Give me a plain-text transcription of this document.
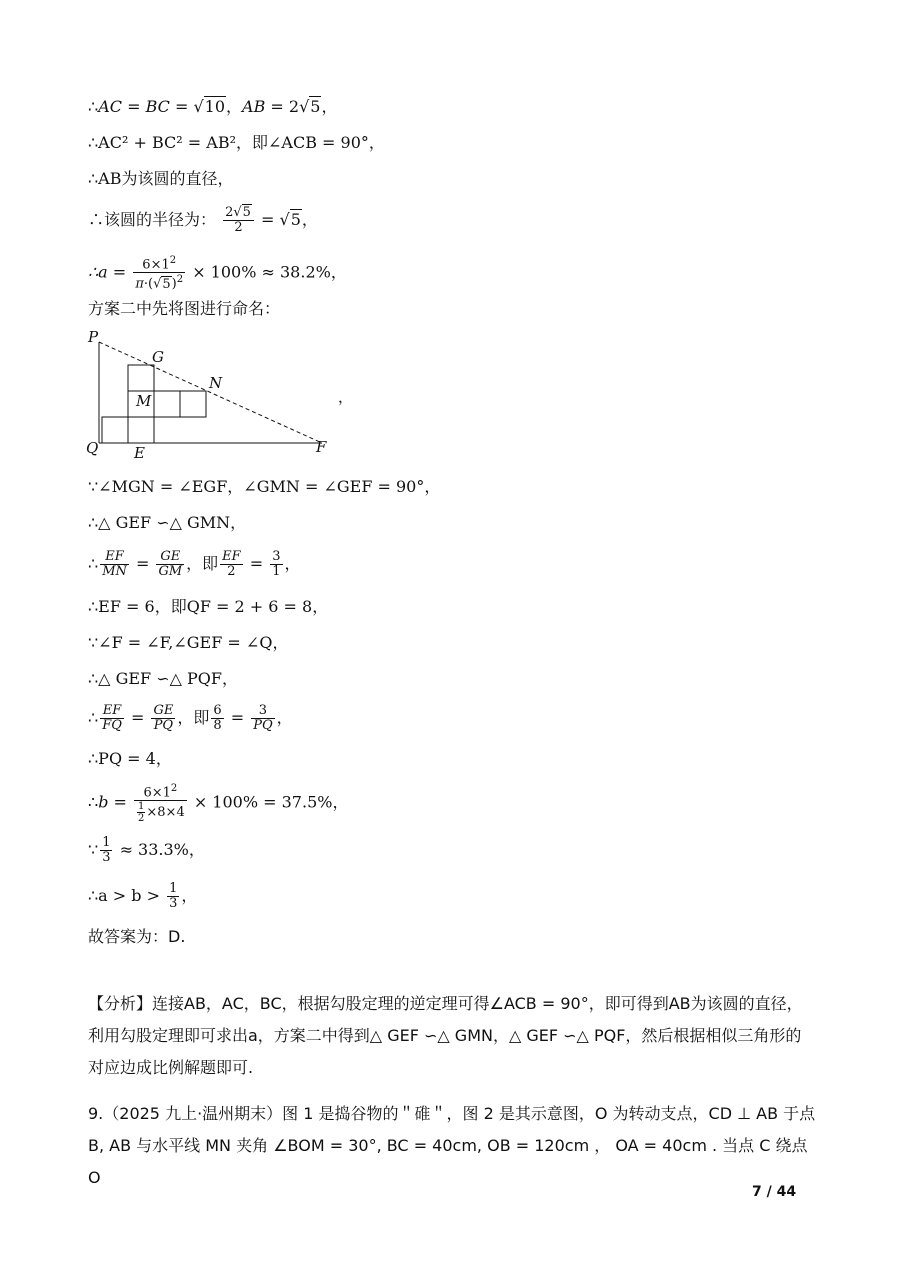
∴AC = BC = √10，AB = 2√5，
∴AC² + BC² = AB²，即∠ACB = 90°，
∴AB为该圆的直径，
∴该圆的半径为： $\frac{2√5}{2} = √5$，
∴a = $\frac{6\times 1^2}{\pi\cdot(√5)^2} \times 100\% \approx 38.2\%$，
方案二中先将图进行命名：
P
G
N
M
Q E	F
，
∵∠MGN = ∠EGF，∠GMN = ∠GEF = 90°，
∴△ GEF ∽△ GMN，
∴ $\frac{EF}{MN} = \frac{GE}{GM}$ ，即 $\frac{EF}{2} = \frac{3}{1}$ ，
∴EF = 6，即QF = 2 + 6 = 8，
∵∠F = ∠F,∠GEF = ∠Q，
∴△ GEF ∽△ PQF，
∴ $\frac{EF}{FQ} = \frac{GE}{PQ}$ ，即 $\frac{6}{8} = \frac{3}{PQ}$ ，
∴PQ = 4，
∴b = $\frac{6\times 1^2}{\frac{1}{2} \times 8\times 4} \times 100\% = 37.5\%$，
∵ $\frac{1}{3} \approx 33.3\%$，
∴a > $b > \frac{1}{3}$ ，
故答案为：D.
【分析】连接AB，AC，BC，根据勾股定理的逆定理可得∠ACB = 90°，即可得到AB为该圆的直径，
利用勾股定理即可求出a，方案二中得到△ GEF ∽△ GMN，△ GEF ∽△ PQF，然后根据相似三角形的
对应边成比例解题即可.
9.（2025 九上·温州期末）图 1 是捣谷物的＂碓＂，图 2 是其示意图，O 为转动支点，CD ⊥ AB 于点
B, AB 与水平线 MN 夹角 ∠BOM = 30°, BC = 40cm, OB = 120cm ， OA = 40cm . 当点 C 绕点 O
7 / 44
